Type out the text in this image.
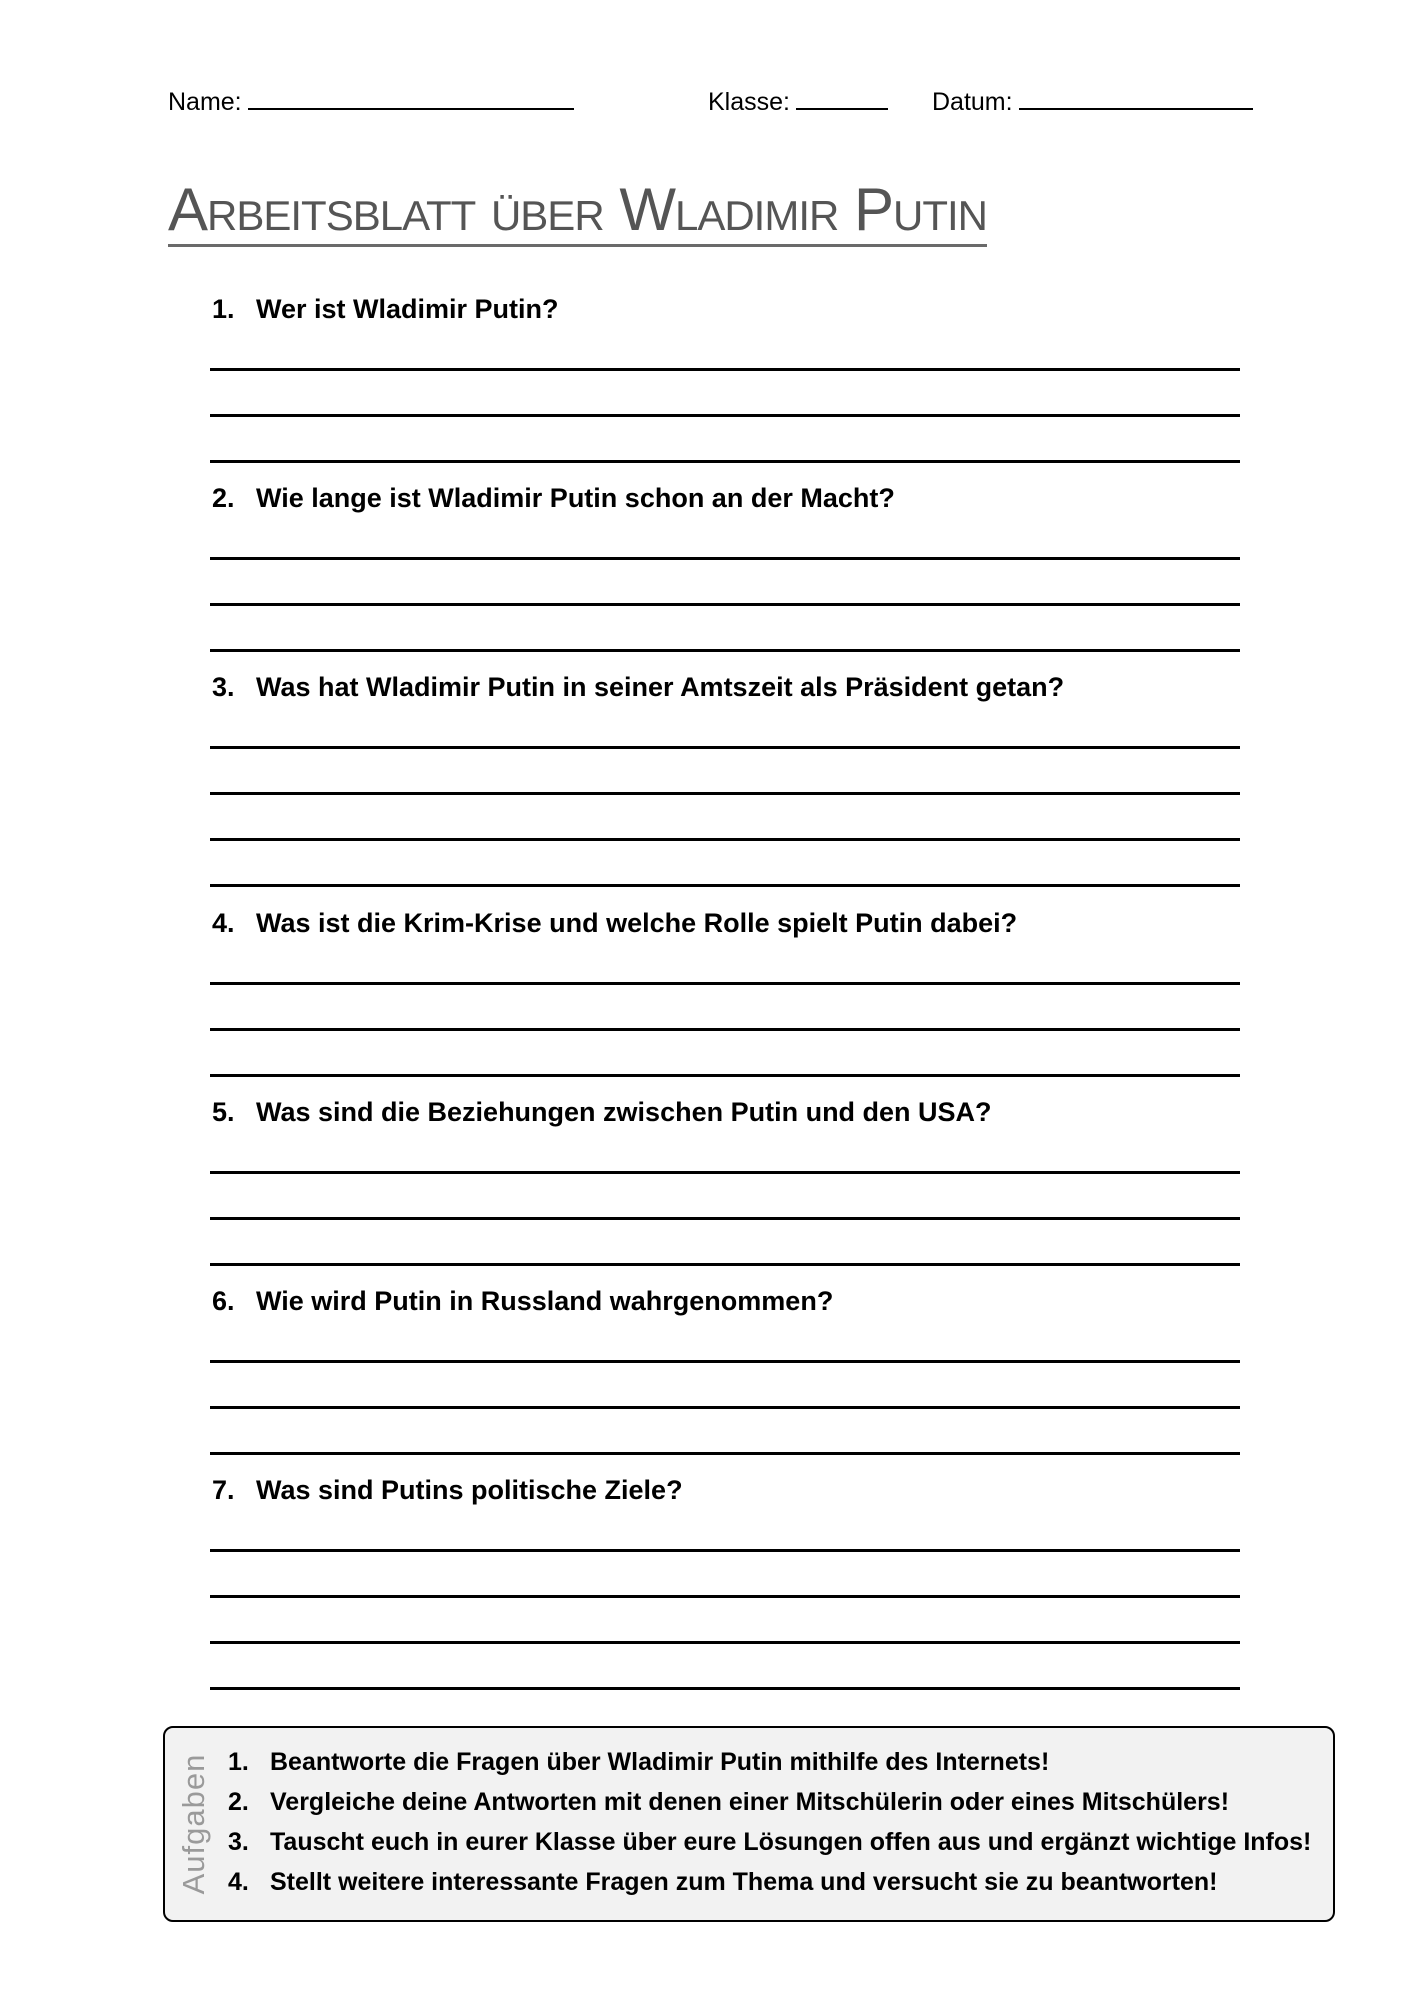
Name:	Klasse:	Datum:
Arbeitsblatt über Wladimir Putin
1. Wer ist Wladimir Putin?
2. Wie lange ist Wladimir Putin schon an der Macht?
3. Was hat Wladimir Putin in seiner Amtszeit als Präsident getan?
4. Was ist die Krim-Krise und welche Rolle spielt Putin dabei?
5. Was sind die Beziehungen zwischen Putin und den USA?
6. Wie wird Putin in Russland wahrgenommen?
7. Was sind Putins politische Ziele?
Aufgaben 1. Beantworte die Fragen über Wladimir Putin mithilfe des Internets!
2. Vergleiche deine Antworten mit denen einer Mitschülerin oder eines Mitschülers!
3. Tauscht euch in eurer Klasse über eure Lösungen offen aus und ergänzt wichtige Infos!
4. Stellt weitere interessante Fragen zum Thema und versucht sie zu beantworten!
